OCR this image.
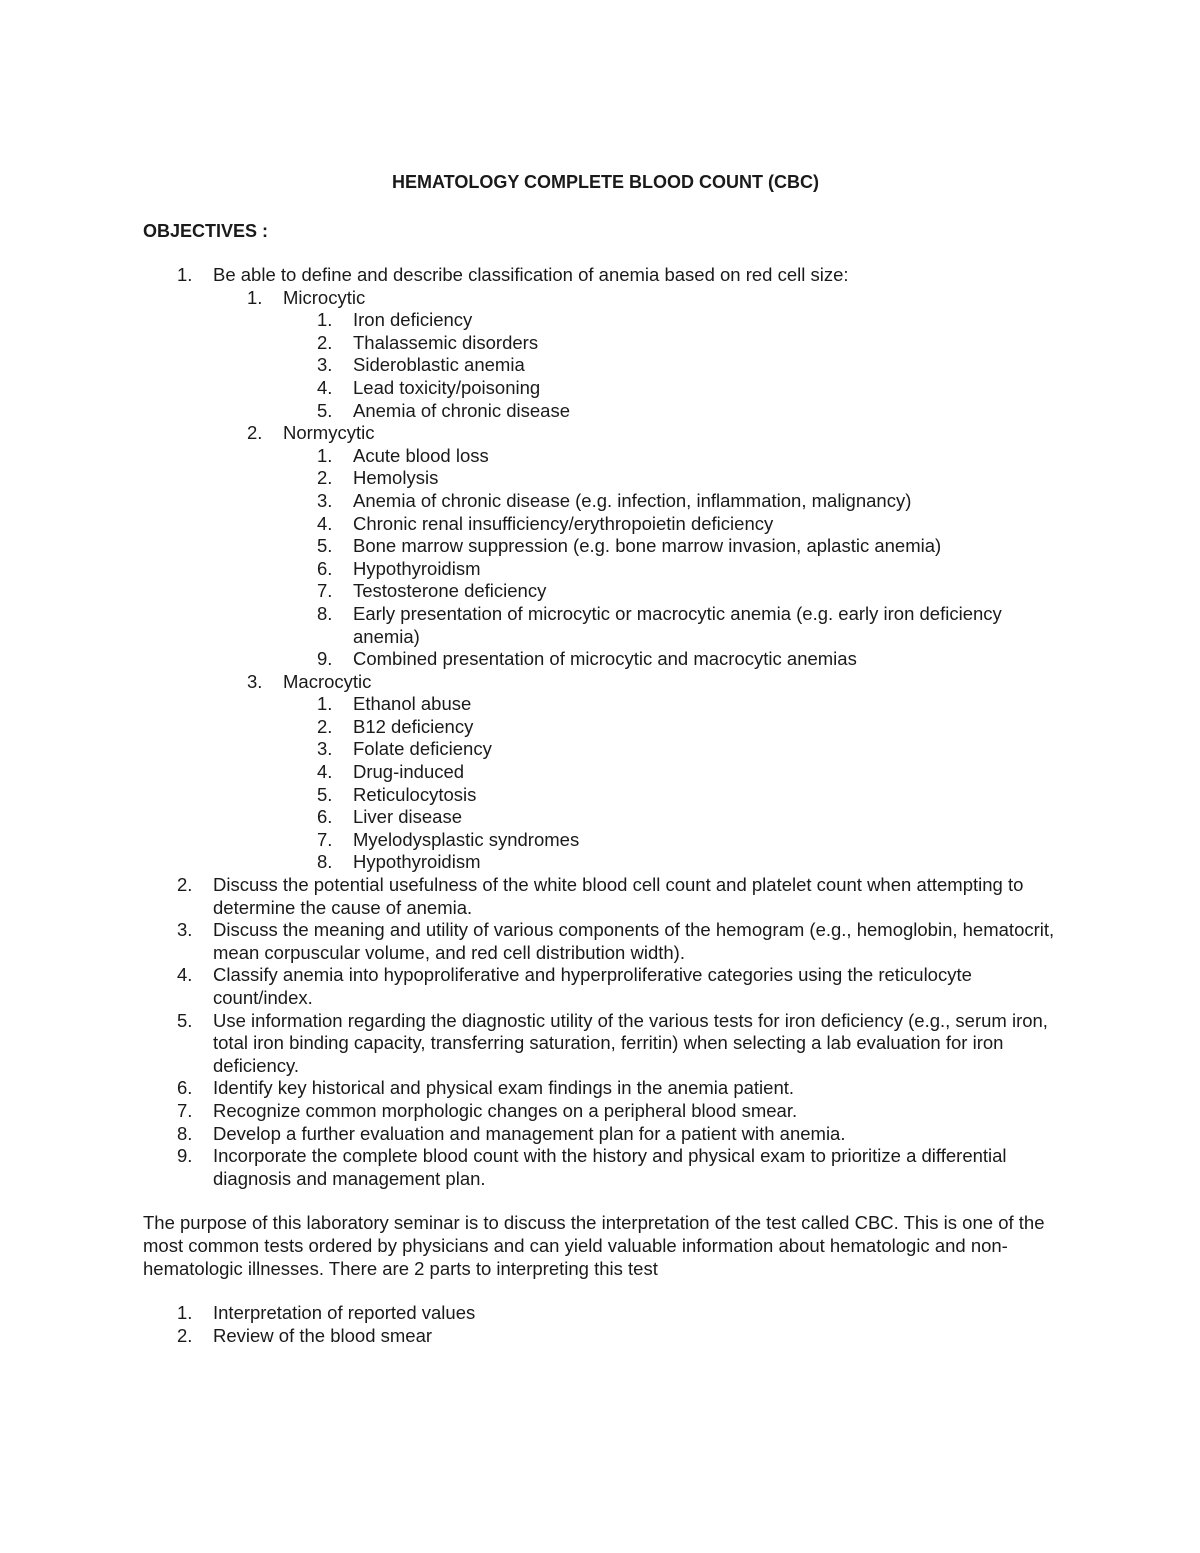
HEMATOLOGY COMPLETE BLOOD COUNT (CBC)
OBJECTIVES :
1.	Be able to define and describe classification of anemia based on red cell size:
1.	Microcytic
1.	Iron deficiency
2.	Thalassemic disorders
3.	Sideroblastic anemia
4.	Lead toxicity/poisoning
5.	Anemia of chronic disease
2.	Normycytic
1.	Acute blood loss
2.	Hemolysis
3.	Anemia of chronic disease (e.g. infection, inflammation, malignancy)
4.	Chronic renal insufficiency/erythropoietin deficiency
5.	Bone marrow suppression (e.g. bone marrow invasion, aplastic anemia)
6.	Hypothyroidism
7.	Testosterone deficiency
8.	Early presentation of microcytic or macrocytic anemia (e.g. early iron deficiency anemia)
9.	Combined presentation of microcytic and macrocytic anemias
3.	Macrocytic
1.	Ethanol abuse
2.	B12 deficiency
3.	Folate deficiency
4.	Drug-induced
5.	Reticulocytosis
6.	Liver disease
7.	Myelodysplastic syndromes
8.	Hypothyroidism
2.	Discuss the potential usefulness of the white blood cell count and platelet count when attempting to determine the cause of anemia.
3.	Discuss the meaning and utility of various components of the hemogram (e.g., hemoglobin, hematocrit, mean corpuscular volume, and red cell distribution width).
4.	Classify anemia into hypoproliferative and hyperproliferative categories using the reticulocyte count/index.
5.	Use information regarding the diagnostic utility of the various tests for iron deficiency (e.g., serum iron, total iron binding capacity, transferring saturation, ferritin) when selecting a lab evaluation for iron deficiency.
6.	Identify key historical and physical exam findings in the anemia patient.
7.	Recognize common morphologic changes on a peripheral blood smear.
8.	Develop a further evaluation and management plan for a patient with anemia.
9.	Incorporate the complete blood count with the history and physical exam to prioritize a differential diagnosis and management plan.

The purpose of this laboratory seminar is to discuss the interpretation of the test called CBC. This is one of the most common tests ordered by physicians and can yield valuable information about hematologic and non-hematologic illnesses. There are 2 parts to interpreting this test

1.	Interpretation of reported values
2.	Review of the blood smear
